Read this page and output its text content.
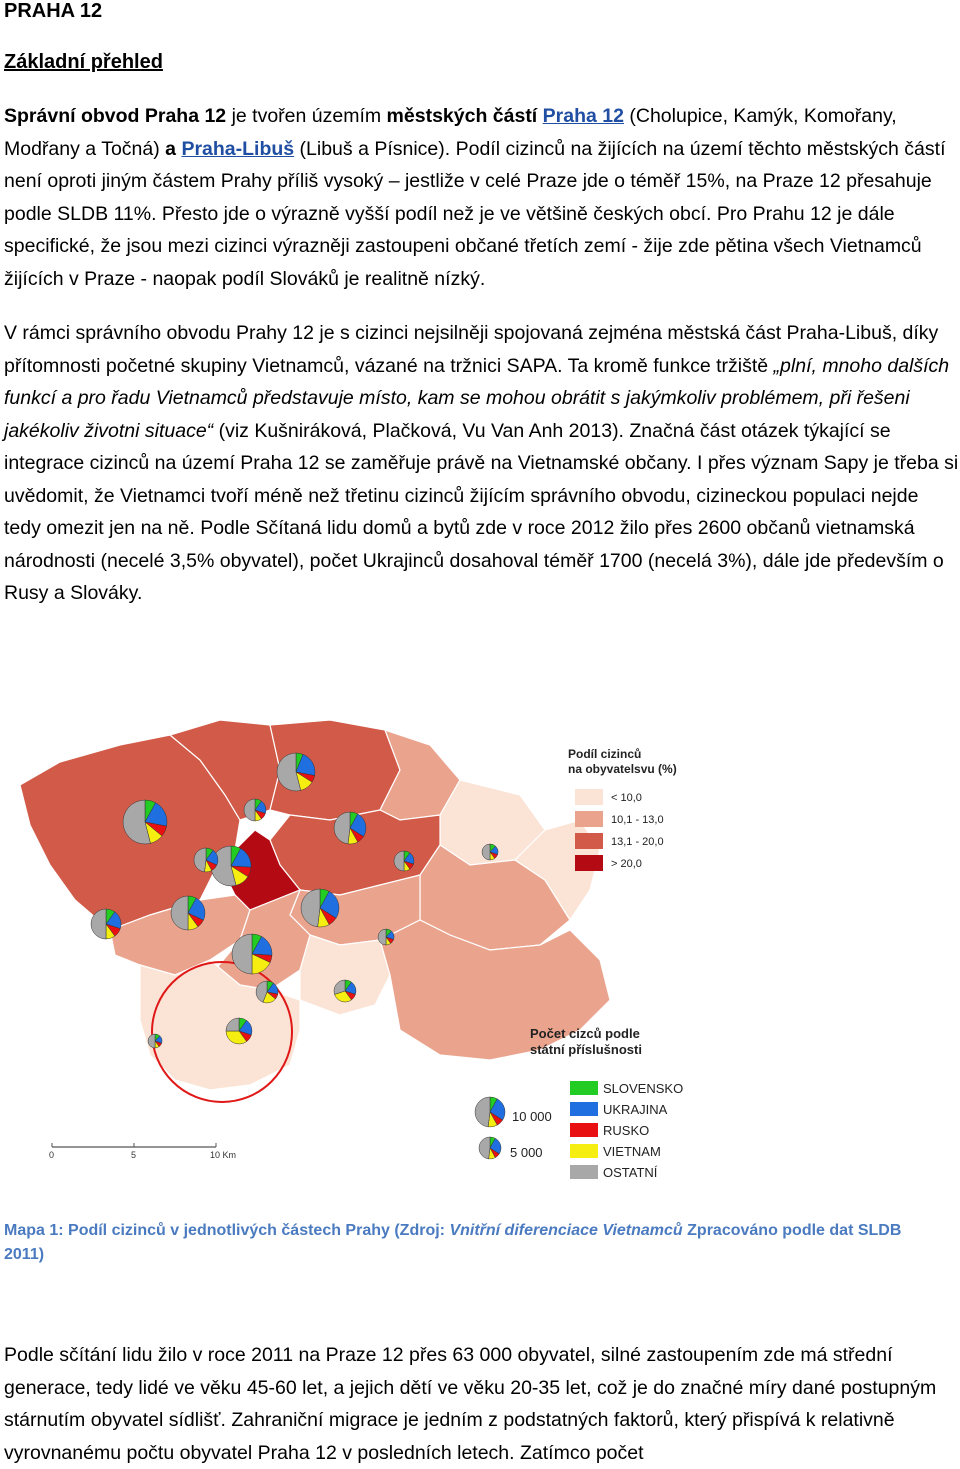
PRAHA 12
Základní přehled

Správní obvod Praha 12 je tvořen územím městských částí Praha 12 (Cholupice, Kamýk, Komořany, Modřany a Točná) a Praha-Libuš (Libuš a Písnice). Podíl cizinců na žijících na území těchto městských částí není oproti jiným částem Prahy příliš vysoký – jestliže v celé Praze jde o téměř 15%, na Praze 12 přesahuje podle SLDB 11%. Přesto jde o výrazně vyšší podíl než je ve většině českých obcí. Pro Prahu 12 je dále specifické, že jsou mezi cizinci výrazněji zastoupeni občané třetích zemí - žije zde pětina všech Vietnamců žijících v Praze - naopak podíl Slováků je realitně nízký.

V rámci správního obvodu Prahy 12 je s cizinci nejsilněji spojovaná zejména městská část Praha-Libuš, díky přítomnosti početné skupiny Vietnamců, vázané na tržnici SAPA. Ta kromě funkce tržiště „plní, mnoho dalších funkcí a pro řadu Vietnamců představuje místo, kam se mohou obrátit s jakýmkoliv problémem, při řešeni jakékoliv životni situace“ (viz Kušniráková, Plačková, Vu Van Anh 2013). Značná část otázek týkající se integrace cizinců na území Praha 12 se zaměřuje právě na Vietnamské občany. I přes význam Sapy je třeba si uvědomit, že Vietnamci tvoří méně než třetinu cizinců žijícím správního obvodu, cizineckou populaci nejde tedy omezit jen na ně. Podle Sčítaná lidu domů a bytů zde v roce 2012 žilo přes 2600 občanů vietnamská národnosti (necelé 3,5% obyvatel), počet Ukrajinců dosahoval téměř 1700 (necelá 3%), dále jde především o Rusy a Slováky.

Podíl cizinců
na obyvatelsvu (%)
< 10,0
10,1 - 13,0
13,1 - 20,0
> 20,0
Počet cizců podle
státní příslušnosti
10 000
5 000
SLOVENSKO
UKRAJINA
RUSKO
VIETNAM
OSTATNÍ
0	5	10 Km

Mapa 1: Podíl cizinců v jednotlivých částech Prahy (Zdroj: Vnitřní diferenciace Vietnamců Zpracováno podle dat SLDB 2011)

Podle sčítání lidu žilo v roce 2011 na Praze 12 přes 63 000 obyvatel, silné zastoupením zde má střední generace, tedy lidé ve věku 45-60 let, a jejich dětí ve věku 20-35 let, což je do značné míry dané postupným stárnutím obyvatel sídlišť. Zahraniční migrace je jedním z podstatných faktorů, který přispívá k relativně vyrovnanému počtu obyvatel Praha 12 v posledních letech. Zatímco počet
